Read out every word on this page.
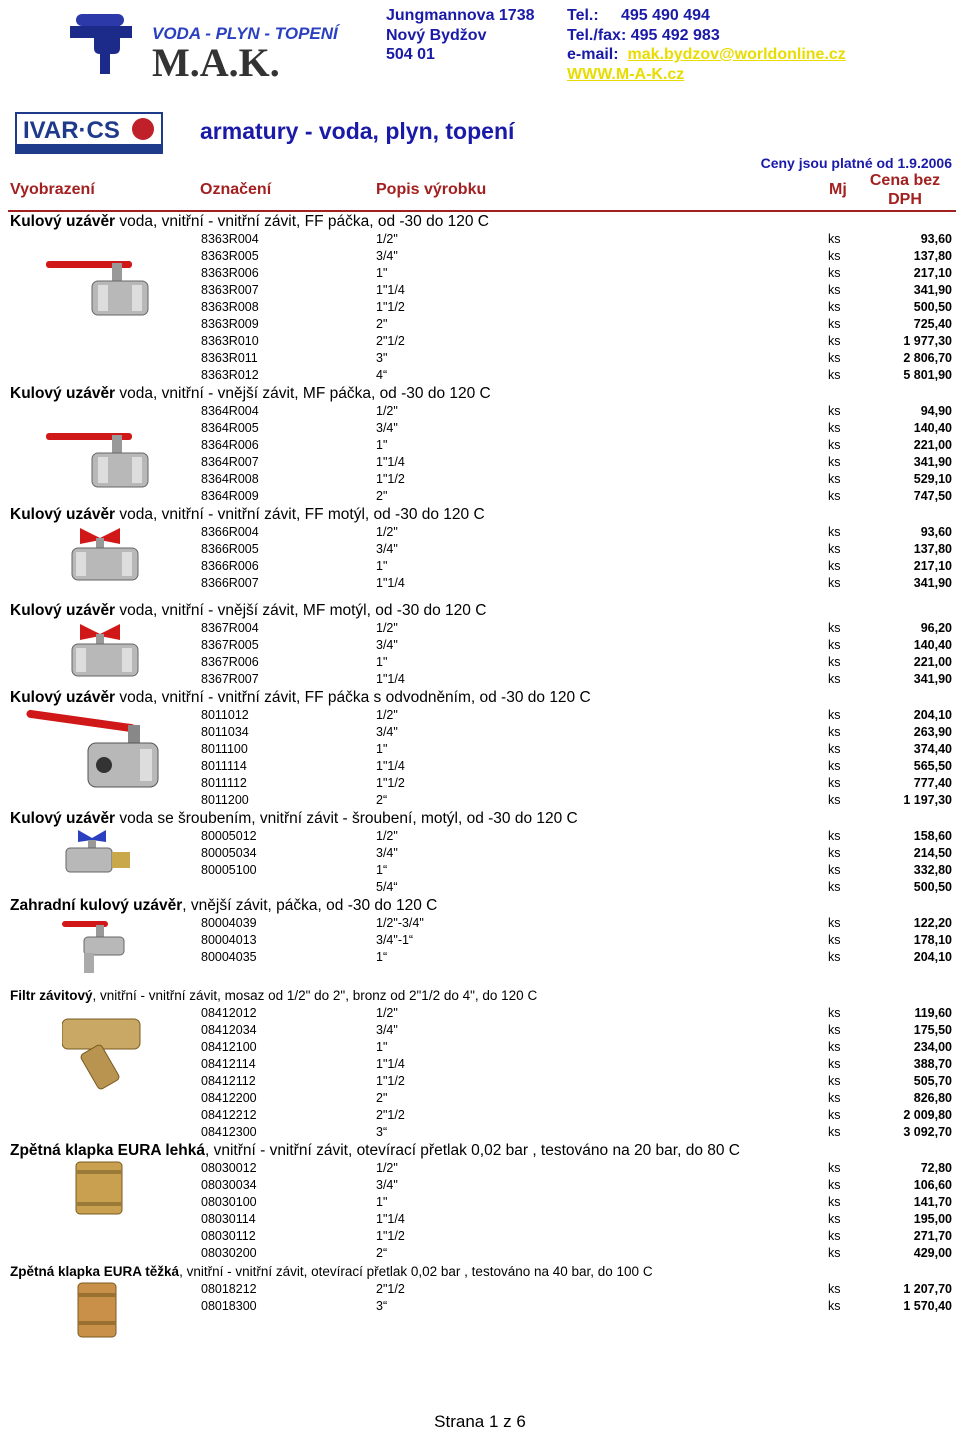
VODA - PLYN - TOPENÍ
M.A.K.
Jungmannova 1738
Nový Bydžov
504 01
Tel.: 495 490 494
Tel./fax: 495 492 983
e-mail: mak.bydzov@worldonline.cz
WWW.M-A-K.cz
IVAR·CS	armatury - voda, plyn, topení
Ceny jsou platné od 1.9.2006
Vyobrazení	Označení	Popis výrobku	Mj
Cena bez
DPH
Kulový uzávěr voda, vnitřní - vnitřní závit, FF páčka, od -30 do 120 C
8363R004	1/2"	ks	93,60
8363R005	3/4"	ks	137,80
8363R006	1"	ks	217,10
8363R007	1"1/4	ks	341,90
8363R008	1"1/2	ks	500,50
8363R009	2"	ks	725,40
8363R010	2"1/2	ks	1 977,30
8363R011	3"	ks	2 806,70
8363R012	4“	ks	5 801,90
Kulový uzávěr voda, vnitřní - vnější závit, MF páčka, od -30 do 120 C
8364R004	1/2"	ks	94,90
8364R005	3/4"	ks	140,40
8364R006	1"	ks	221,00
8364R007	1"1/4	ks	341,90
8364R008	1"1/2	ks	529,10
8364R009	2"	ks	747,50
Kulový uzávěr voda, vnitřní - vnitřní závit, FF motýl, od -30 do 120 C
8366R004	1/2"	ks	93,60
8366R005	3/4"	ks	137,80
8366R006	1"	ks	217,10
8366R007	1"1/4	ks	341,90
Kulový uzávěr voda, vnitřní - vnější závit, MF motýl, od -30 do 120 C
8367R004	1/2"	ks	96,20
8367R005	3/4"	ks	140,40
8367R006	1"	ks	221,00
8367R007	1"1/4	ks	341,90
Kulový uzávěr voda, vnitřní - vnitřní závit, FF páčka s odvodněním, od -30 do 120 C
8011012	1/2"	ks	204,10
8011034	3/4"	ks	263,90
8011100	1"	ks	374,40
8011114	1"1/4	ks	565,50
8011112	1"1/2	ks	777,40
8011200	2“	ks	1 197,30
Kulový uzávěr voda se šroubením, vnitřní závit - šroubení, motýl, od -30 do 120 C
80005012	1/2"	ks	158,60
80005034	3/4"	ks	214,50
80005100	1“	ks	332,80
5/4“	ks	500,50
Zahradní kulový uzávěr, vnější závit, páčka, od -30 do 120 C
80004039	1/2"-3/4"	ks	122,20
80004013	3/4"-1“	ks	178,10
80004035	1“	ks	204,10
Filtr závitový, vnitřní - vnitřní závit, mosaz od 1/2" do 2", bronz od 2"1/2 do 4", do 120 C
08412012	1/2"	ks	119,60
08412034	3/4"	ks	175,50
08412100	1"	ks	234,00
08412114	1"1/4	ks	388,70
08412112	1"1/2	ks	505,70
08412200	2"	ks	826,80
08412212	2"1/2	ks	2 009,80
08412300	3“	ks	3 092,70
Zpětná klapka EURA lehká, vnitřní - vnitřní závit, otevírací přetlak 0,02 bar , testováno na 20 bar, do 80 C
08030012	1/2"	ks	72,80
08030034	3/4"	ks	106,60
08030100	1"	ks	141,70
08030114	1"1/4	ks	195,00
08030112	1"1/2	ks	271,70
08030200	2“	ks	429,00
Zpětná klapka EURA těžká, vnitřní - vnitřní závit, otevírací přetlak 0,02 bar , testováno na 40 bar, do 100 C
08018212	2"1/2	ks	1 207,70
08018300	3“	ks	1 570,40
Strana 1 z 6
